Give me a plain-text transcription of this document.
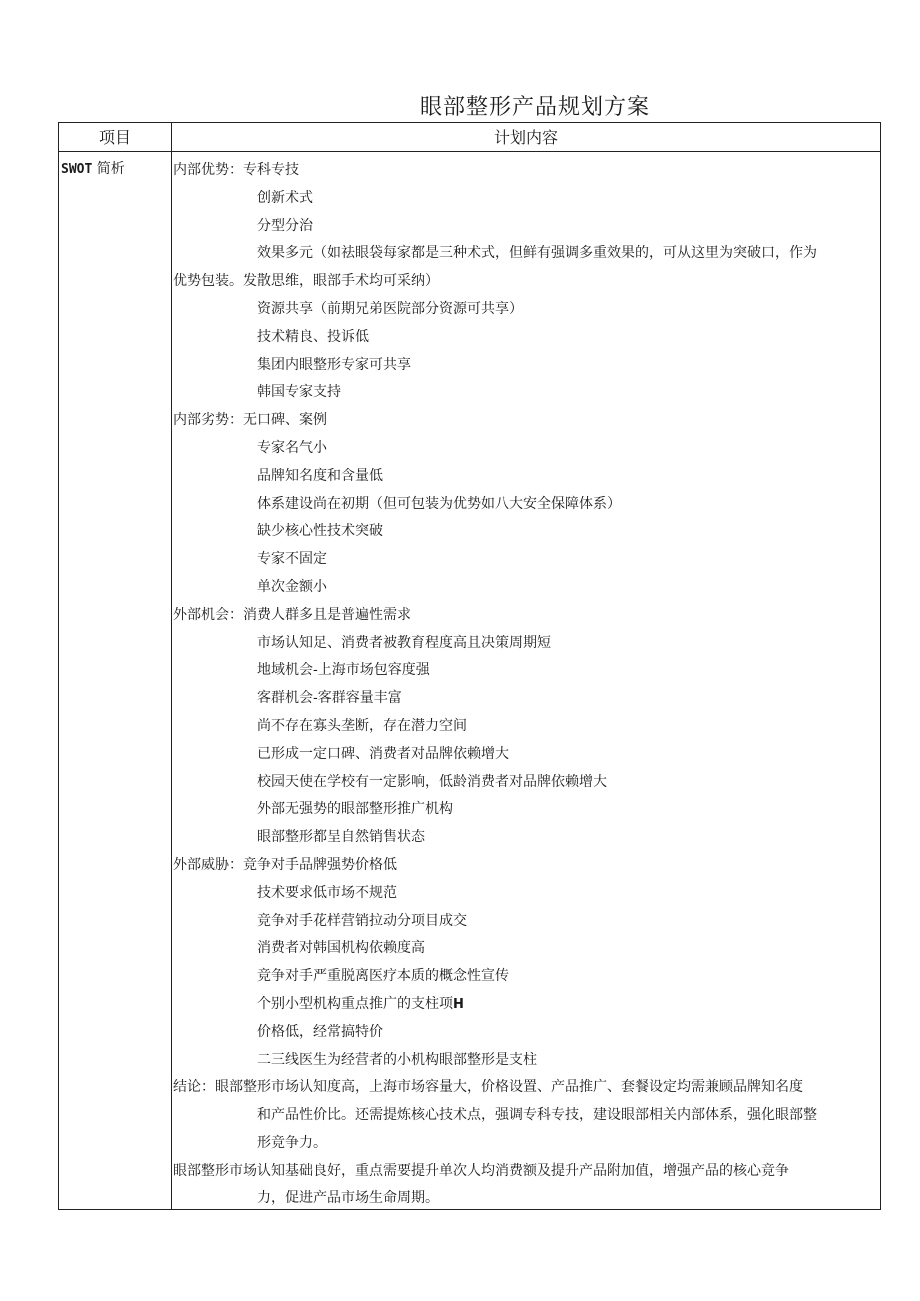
眼部整形产品规划方案
项目	计划内容
SWOT 简析	内部优势：专科专技
创新术式
分型分治
效果多元（如祛眼袋每家都是三种术式，但鲜有强调多重效果的，可从这里为突破口，作为
优势包装。发散思维，眼部手术均可采纳）
资源共享（前期兄弟医院部分资源可共享）
技术精良、投诉低
集团内眼整形专家可共享
韩国专家支持
内部劣势：无口碑、案例
专家名气小
品牌知名度和含量低
体系建设尚在初期（但可包装为优势如八大安全保障体系）
缺少核心性技术突破
专家不固定
单次金额小
外部机会：消费人群多且是普遍性需求
市场认知足、消费者被教育程度高且决策周期短
地域机会-上海市场包容度强
客群机会-客群容量丰富
尚不存在寡头垄断，存在潜力空间
已形成一定口碑、消费者对品牌依赖增大
校园天使在学校有一定影响，低龄消费者对品牌依赖增大
外部无强势的眼部整形推广机构
眼部整形都呈自然销售状态
外部威胁：竞争对手品牌强势价格低
技术要求低市场不规范
竞争对手花样营销拉动分项目成交
消费者对韩国机构依赖度高
竞争对手严重脱离医疗本质的概念性宣传
个别小型机构重点推广的支柱项H
价格低，经常搞特价
二三线医生为经营者的小机构眼部整形是支柱
结论：眼部整形市场认知度高，上海市场容量大，价格设置、产品推广、套餐设定均需兼顾品牌知名度
和产品性价比。还需提炼核心技术点，强调专科专技，建设眼部相关内部体系，强化眼部整
形竞争力。
眼部整形市场认知基础良好，重点需要提升单次人均消费额及提升产品附加值，增强产品的核心竞争
力，促进产品市场生命周期。
